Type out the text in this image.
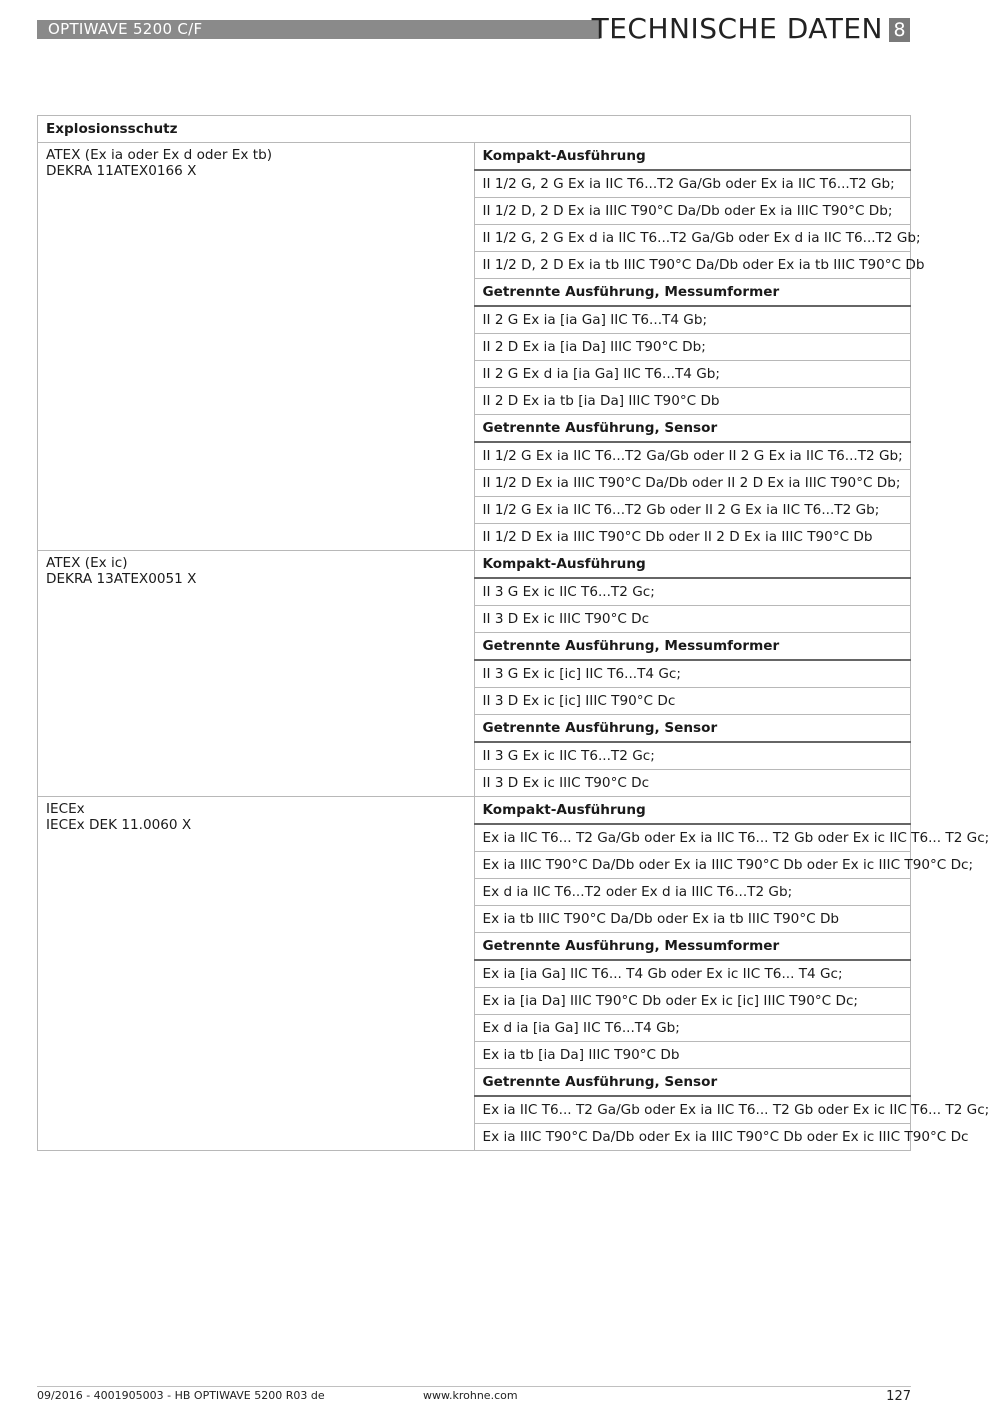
OPTIWAVE 5200 C/F	TECHNISCHE DATEN 8
Explosionsschutz	

ATEX (Ex ia oder Ex d oder Ex tb)
DEKRA 11ATEX0166 X	Kompakt-Ausführung
	II 1/2 G, 2 G Ex ia IIC T6...T2 Ga/Gb oder Ex ia IIC T6...T2 Gb;
	II 1/2 D, 2 D Ex ia IIIC T90°C Da/Db oder Ex ia IIIC T90°C Db;
	II 1/2 G, 2 G Ex d ia IIC T6...T2 Ga/Gb oder Ex d ia IIC T6...T2 Gb;
	II 1/2 D, 2 D Ex ia tb IIIC T90°C Da/Db oder Ex ia tb IIIC T90°C Db
	Getrennte Ausführung, Messumformer
	II 2 G Ex ia [ia Ga] IIC T6...T4 Gb;
	II 2 D Ex ia [ia Da] IIIC T90°C Db;
	II 2 G Ex d ia [ia Ga] IIC T6...T4 Gb;
	II 2 D Ex ia tb [ia Da] IIIC T90°C Db
	Getrennte Ausführung, Sensor
	II 1/2 G Ex ia IIC T6...T2 Ga/Gb oder II 2 G Ex ia IIC T6...T2 Gb;
	II 1/2 D Ex ia IIIC T90°C Da/Db oder II 2 D Ex ia IIIC T90°C Db;
	II 1/2 G Ex ia IIC T6...T2 Gb oder II 2 G Ex ia IIC T6...T2 Gb;
	II 1/2 D Ex ia IIIC T90°C Db oder II 2 D Ex ia IIIC T90°C Db

ATEX (Ex ic)
DEKRA 13ATEX0051 X	Kompakt-Ausführung
	II 3 G Ex ic IIC T6...T2 Gc;
	II 3 D Ex ic IIIC T90°C Dc
	Getrennte Ausführung, Messumformer
	II 3 G Ex ic [ic] IIC T6...T4 Gc;
	II 3 D Ex ic [ic] IIIC T90°C Dc
	Getrennte Ausführung, Sensor
	II 3 G Ex ic IIC T6...T2 Gc;
	II 3 D Ex ic IIIC T90°C Dc

IECEx
IECEx DEK 11.0060 X	Kompakt-Ausführung
	Ex ia IIC T6... T2 Ga/Gb oder Ex ia IIC T6... T2 Gb oder Ex ic IIC T6... T2 Gc;
	Ex ia IIIC T90°C Da/Db oder Ex ia IIIC T90°C Db oder Ex ic IIIC T90°C Dc;
	Ex d ia IIC T6...T2 oder Ex d ia IIIC T6...T2 Gb;
	Ex ia tb IIIC T90°C Da/Db oder Ex ia tb IIIC T90°C Db
	Getrennte Ausführung, Messumformer
	Ex ia [ia Ga] IIC T6... T4 Gb oder Ex ic IIC T6... T4 Gc;
	Ex ia [ia Da] IIIC T90°C Db oder Ex ic [ic] IIIC T90°C Dc;
	Ex d ia [ia Ga] IIC T6...T4 Gb;
	Ex ia tb [ia Da] IIIC T90°C Db
	Getrennte Ausführung, Sensor
	Ex ia IIC T6... T2 Ga/Gb oder Ex ia IIC T6... T2 Gb oder Ex ic IIC T6... T2 Gc;
	Ex ia IIIC T90°C Da/Db oder Ex ia IIIC T90°C Db oder Ex ic IIIC T90°C Dc
09/2016 - 4001905003 - HB OPTIWAVE 5200 R03 de	www.krohne.com	127
